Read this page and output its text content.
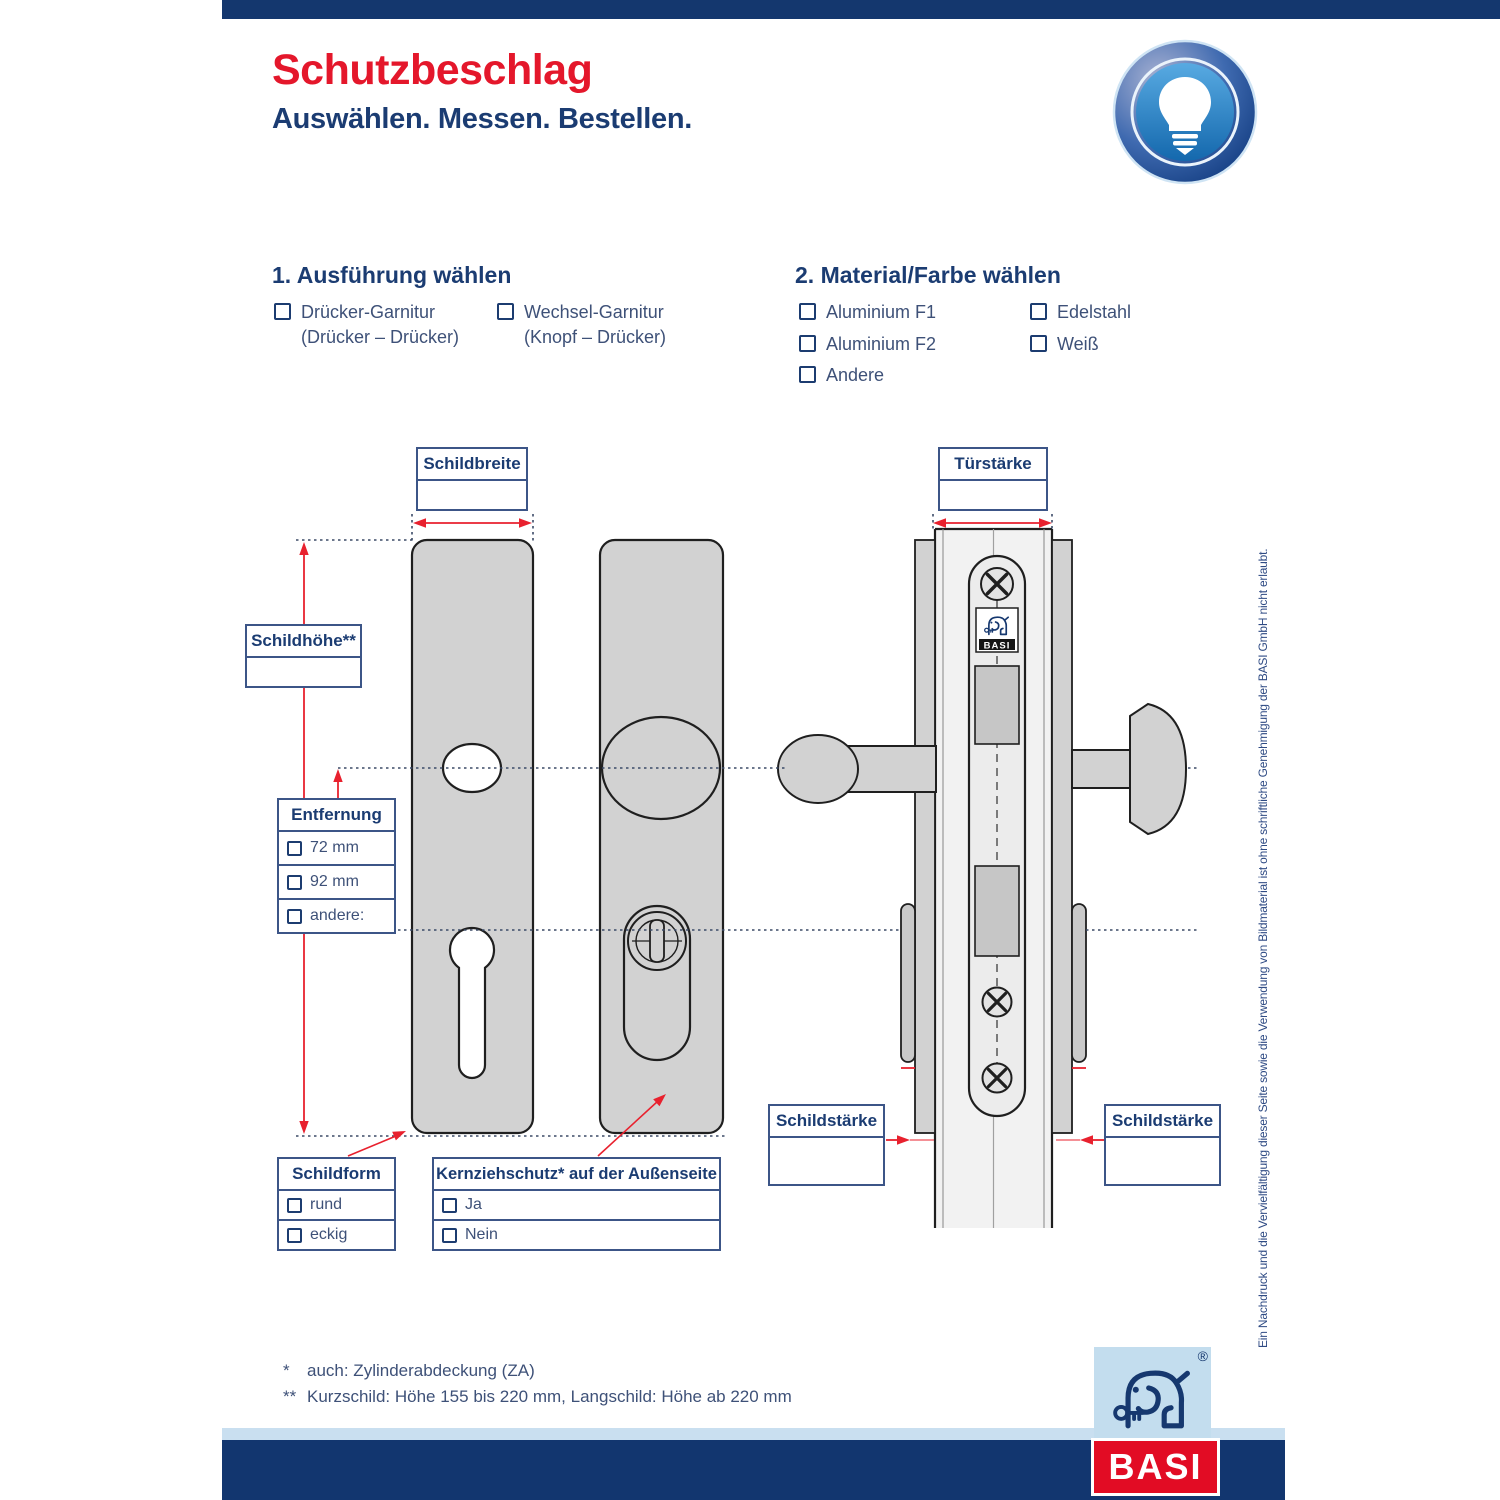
Schutzbeschlag
Auswählen. Messen. Bestellen.
1. Ausführung wählen
Drücker-Garnitur
(Drücker – Drücker)
Wechsel-Garnitur
(Knopf – Drücker)
2. Material/Farbe wählen
Aluminium F1
Aluminium F2
Andere
Edelstahl
Weiß
BASI
Schildbreite	Türstärke
Schildhöhe**
Entfernung
72 mm
92 mm
andere:
Schildform
rund
eckig
Kernziehschutz* auf der Außenseite
Ja
Nein
Schildstärke	Schildstärke
*	auch: Zylinderabdeckung (ZA)
** Kurzschild: Höhe 155 bis 220 mm, Langschild: Höhe ab 220 mm
Ein Nachdruck und die Vervielfältigung dieser Seite sowie die Verwendung von Bildmaterial ist ohne schriftliche Genehmigung der BASI GmbH nicht erlaubt.
®
BASI
